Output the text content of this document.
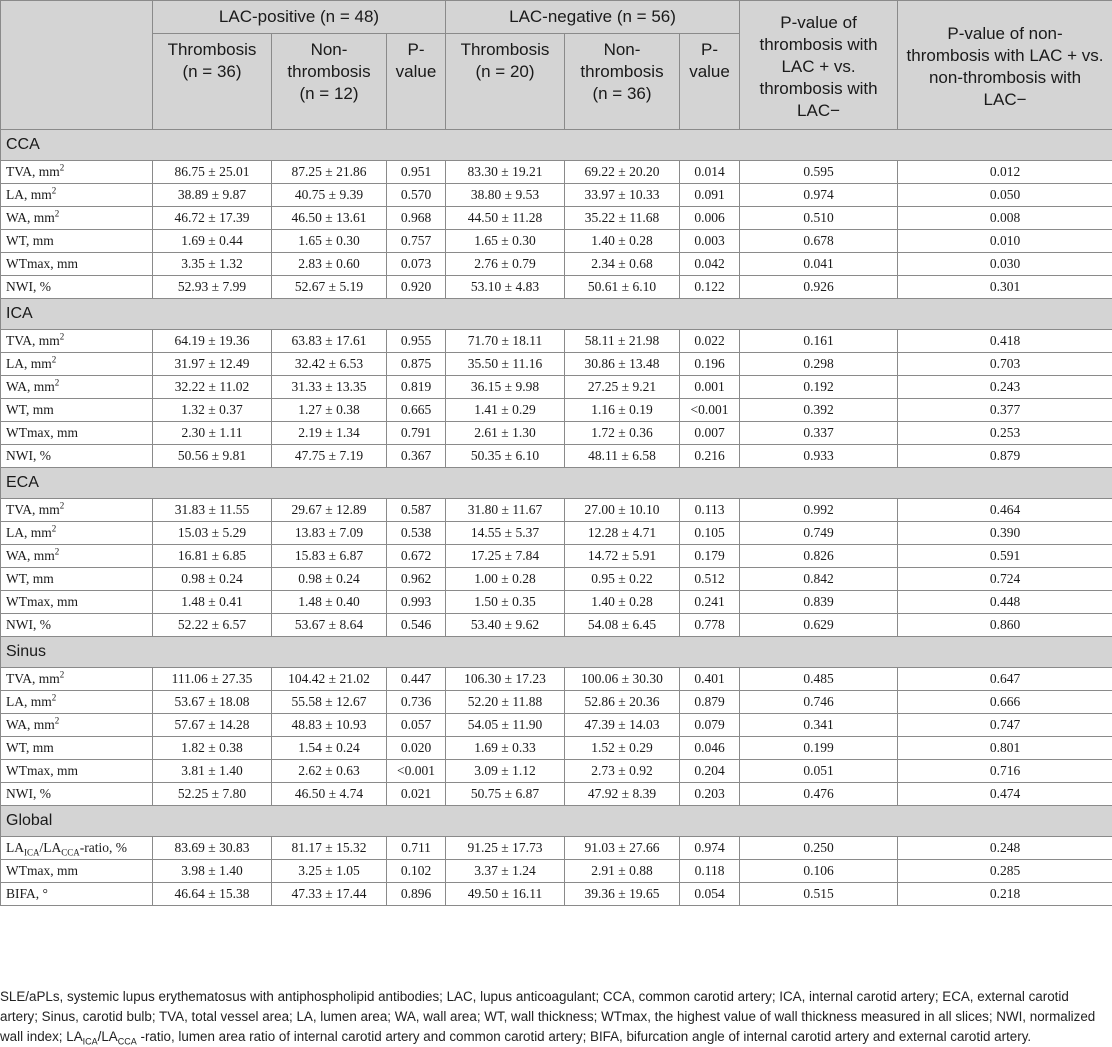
	LAC-positive (n = 48)			LAC-negative (n = 56)			P-value of thrombosis with LAC + vs. thrombosis with LAC−	P-value of non-thrombosis with LAC + vs. non-thrombosis with LAC−
	Thrombosis (n = 36)	Non-thrombosis (n = 12)	P-value	Thrombosis (n = 20)	Non-thrombosis (n = 36)	P-value		
CCA								
TVA, $mm^2$	86.75 ± 25.01	87.25 ± 21.86	0.951	83.30 ± 19.21	69.22 ± 20.20	0.014	0.595	0.012
LA, $mm^2$	38.89 ± 9.87	40.75 ± 9.39	0.570	38.80 ± 9.53	33.97 ± 10.33	0.091	0.974	0.050
WA, $mm^2$	46.72 ± 17.39	46.50 ± 13.61	0.968	44.50 ± 11.28	35.22 ± 11.68	0.006	0.510	0.008
WT, mm	1.69 ± 0.44	1.65 ± 0.30	0.757	1.65 ± 0.30	1.40 ± 0.28	0.003	0.678	0.010
WTmax, mm	3.35 ± 1.32	2.83 ± 0.60	0.073	2.76 ± 0.79	2.34 ± 0.68	0.042	0.041	0.030
NWI, %	52.93 ± 7.99	52.67 ± 5.19	0.920	53.10 ± 4.83	50.61 ± 6.10	0.122	0.926	0.301
ICA								
TVA, $mm^2$	64.19 ± 19.36	63.83 ± 17.61	0.955	71.70 ± 18.11	58.11 ± 21.98	0.022	0.161	0.418
LA, $mm^2$	31.97 ± 12.49	32.42 ± 6.53	0.875	35.50 ± 11.16	30.86 ± 13.48	0.196	0.298	0.703
WA, $mm^2$	32.22 ± 11.02	31.33 ± 13.35	0.819	36.15 ± 9.98	27.25 ± 9.21	0.001	0.192	0.243
WT, mm	1.32 ± 0.37	1.27 ± 0.38	0.665	1.41 ± 0.29	1.16 ± 0.19	<0.001	0.392	0.377
WTmax, mm	2.30 ± 1.11	2.19 ± 1.34	0.791	2.61 ± 1.30	1.72 ± 0.36	0.007	0.337	0.253
NWI, %	50.56 ± 9.81	47.75 ± 7.19	0.367	50.35 ± 6.10	48.11 ± 6.58	0.216	0.933	0.879
ECA								
TVA, $mm^2$	31.83 ± 11.55	29.67 ± 12.89	0.587	31.80 ± 11.67	27.00 ± 10.10	0.113	0.992	0.464
LA, $mm^2$	15.03 ± 5.29	13.83 ± 7.09	0.538	14.55 ± 5.37	12.28 ± 4.71	0.105	0.749	0.390
WA, $mm^2$	16.81 ± 6.85	15.83 ± 6.87	0.672	17.25 ± 7.84	14.72 ± 5.91	0.179	0.826	0.591
WT, mm	0.98 ± 0.24	0.98 ± 0.24	0.962	1.00 ± 0.28	0.95 ± 0.22	0.512	0.842	0.724
WTmax, mm	1.48 ± 0.41	1.48 ± 0.40	0.993	1.50 ± 0.35	1.40 ± 0.28	0.241	0.839	0.448
NWI, %	52.22 ± 6.57	53.67 ± 8.64	0.546	53.40 ± 9.62	54.08 ± 6.45	0.778	0.629	0.860
Sinus								
TVA, $mm^2$	111.06 ± 27.35	104.42 ± 21.02	0.447	106.30 ± 17.23	100.06 ± 30.30	0.401	0.485	0.647
LA, $mm^2$	53.67 ± 18.08	55.58 ± 12.67	0.736	52.20 ± 11.88	52.86 ± 20.36	0.879	0.746	0.666
WA, $mm^2$	57.67 ± 14.28	48.83 ± 10.93	0.057	54.05 ± 11.90	47.39 ± 14.03	0.079	0.341	0.747
WT, mm	1.82 ± 0.38	1.54 ± 0.24	0.020	1.69 ± 0.33	1.52 ± 0.29	0.046	0.199	0.801
WTmax, mm	3.81 ± 1.40	2.62 ± 0.63	<0.001	3.09 ± 1.12	2.73 ± 0.92	0.204	0.051	0.716
NWI, %	52.25 ± 7.80	46.50 ± 4.74	0.021	50.75 ± 6.87	47.92 ± 8.39	0.203	0.476	0.474
Global								
$LA_{ICA}/LA_{CCA}$-ratio, %	83.69 ± 30.83	81.17 ± 15.32	0.711	91.25 ± 17.73	91.03 ± 27.66	0.974	0.250	0.248
WTmax, mm	3.98 ± 1.40	3.25 ± 1.05	0.102	3.37 ± 1.24	2.91 ± 0.88	0.118	0.106	0.285
BIFA, °	46.64 ± 15.38	47.33 ± 17.44	0.896	49.50 ± 16.11	39.36 ± 19.65	0.054	0.515	0.218
SLE/aPLs, systemic lupus erythematosus with antiphospholipid antibodies; LAC, lupus anticoagulant; CCA, common carotid artery; ICA, internal carotid artery; ECA, external carotid artery; Sinus, carotid bulb; TVA, total vessel area; LA, lumen area; WA, wall area; WT, wall thickness; WTmax, the highest value of wall thickness measured in all slices; NWI, normalized wall index; $LA_{ICA}/LA_{CCA}$ -ratio, lumen area ratio of internal carotid artery and common carotid artery; BIFA, bifurcation angle of internal carotid artery and external carotid artery.
